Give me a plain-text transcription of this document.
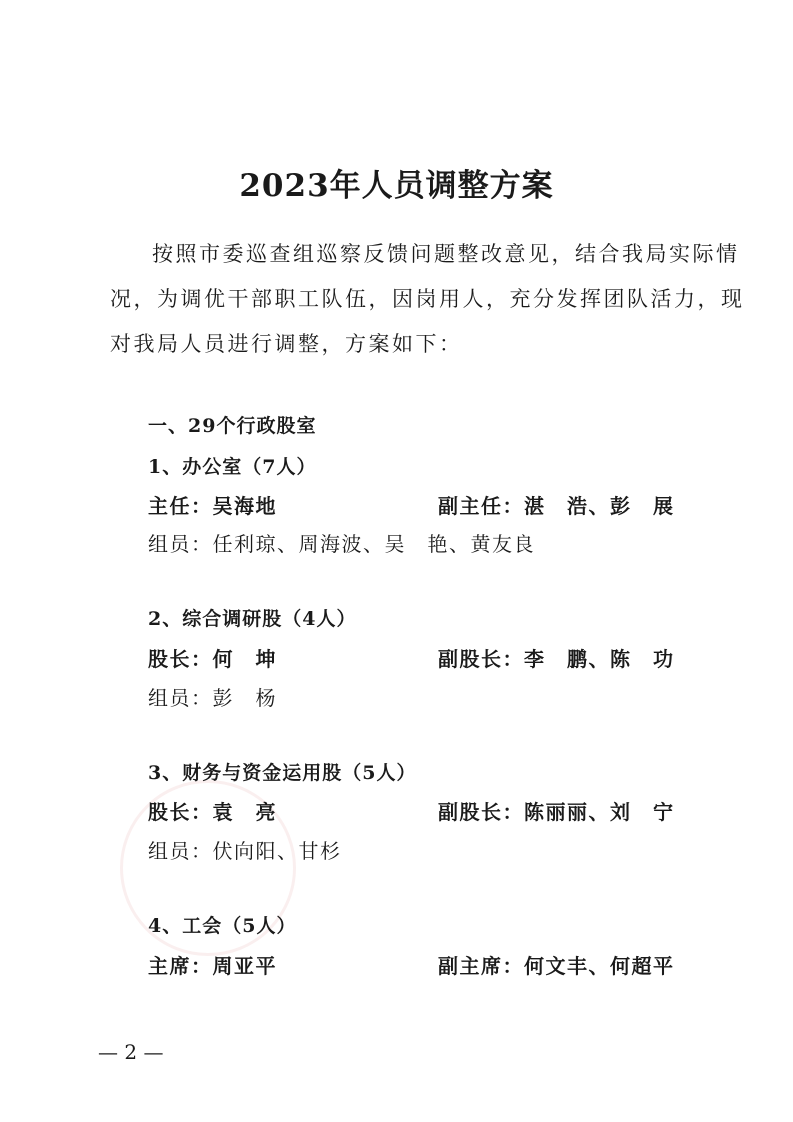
2023年人员调整方案
按照市委巡查组巡察反馈问题整改意见，结合我局实际情
况，为调优干部职工队伍，因岗用人，充分发挥团队活力，现
对我局人员进行调整，方案如下：
一、29个行政股室
1、办公室（7人）
主任：吴海地	副主任：湛　浩、彭　展
组员：任利琼、周海波、吴　艳、黄友良
2、综合调研股（4人）
股长：何　坤	副股长：李　鹏、陈　功
组员：彭　杨
3、财务与资金运用股（5人）
股长：袁　亮	副股长：陈丽丽、刘　宁
组员：伏向阳、甘杉
4、工会（5人）
主席：周亚平	副主席：何文丰、何超平
— 2 —
